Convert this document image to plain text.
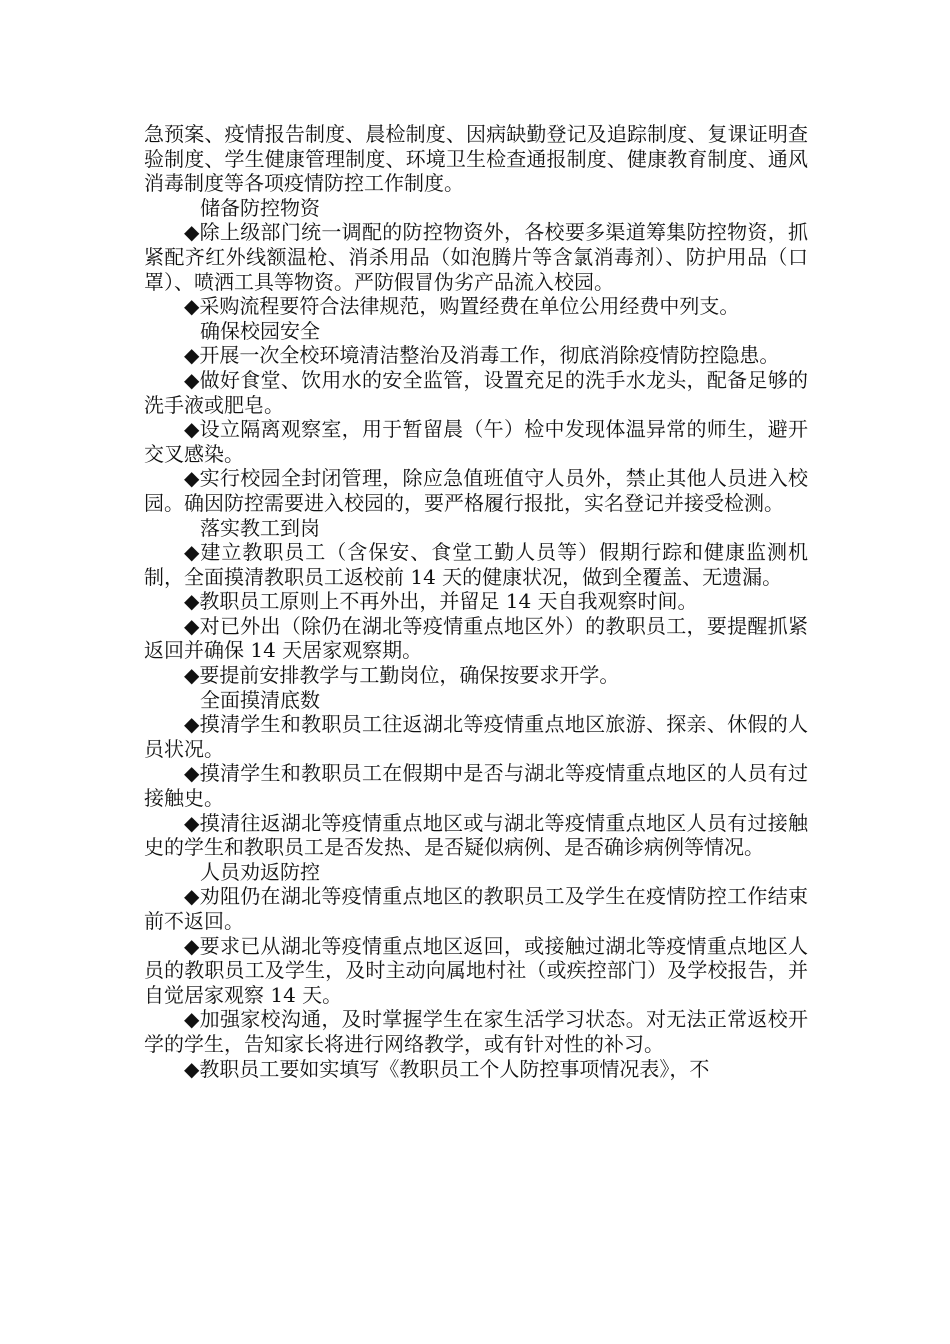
急预案、疫情报告制度、晨检制度、因病缺勤登记及追踪制度、复课证明查验制度、学生健康管理制度、环境卫生检查通报制度、健康教育制度、通风消毒制度等各项疫情防控工作制度。

储备防控物资

◆除上级部门统一调配的防控物资外，各校要多渠道筹集防控物资，抓紧配齐红外线额温枪、消杀用品（如泡腾片等含氯消毒剂）、防护用品（口罩）、喷洒工具等物资。严防假冒伪劣产品流入校园。

◆采购流程要符合法律规范，购置经费在单位公用经费中列支。

确保校园安全

◆开展一次全校环境清洁整治及消毒工作，彻底消除疫情防控隐患。

◆做好食堂、饮用水的安全监管，设置充足的洗手水龙头，配备足够的洗手液或肥皂。

◆设立隔离观察室，用于暂留晨（午）检中发现体温异常的师生，避开交叉感染。

◆实行校园全封闭管理，除应急值班值守人员外，禁止其他人员进入校园。确因防控需要进入校园的，要严格履行报批，实名登记并接受检测。

落实教工到岗

◆建立教职员工（含保安、食堂工勤人员等）假期行踪和健康监测机制，全面摸清教职员工返校前 14 天的健康状况，做到全覆盖、无遗漏。

◆教职员工原则上不再外出，并留足 14 天自我观察时间。

◆对已外出（除仍在湖北等疫情重点地区外）的教职员工，要提醒抓紧返回并确保 14 天居家观察期。

◆要提前安排教学与工勤岗位，确保按要求开学。

全面摸清底数

◆摸清学生和教职员工往返湖北等疫情重点地区旅游、探亲、休假的人员状况。

◆摸清学生和教职员工在假期中是否与湖北等疫情重点地区的人员有过接触史。

◆摸清往返湖北等疫情重点地区或与湖北等疫情重点地区人员有过接触史的学生和教职员工是否发热、是否疑似病例、是否确诊病例等情况。

人员劝返防控

◆劝阻仍在湖北等疫情重点地区的教职员工及学生在疫情防控工作结束前不返回。

◆要求已从湖北等疫情重点地区返回，或接触过湖北等疫情重点地区人员的教职员工及学生，及时主动向属地村社（或疾控部门）及学校报告，并自觉居家观察 14 天。

◆加强家校沟通，及时掌握学生在家生活学习状态。对无法正常返校开学的学生，告知家长将进行网络教学，或有针对性的补习。

◆教职员工要如实填写《教职员工个人防控事项情况表》，不
